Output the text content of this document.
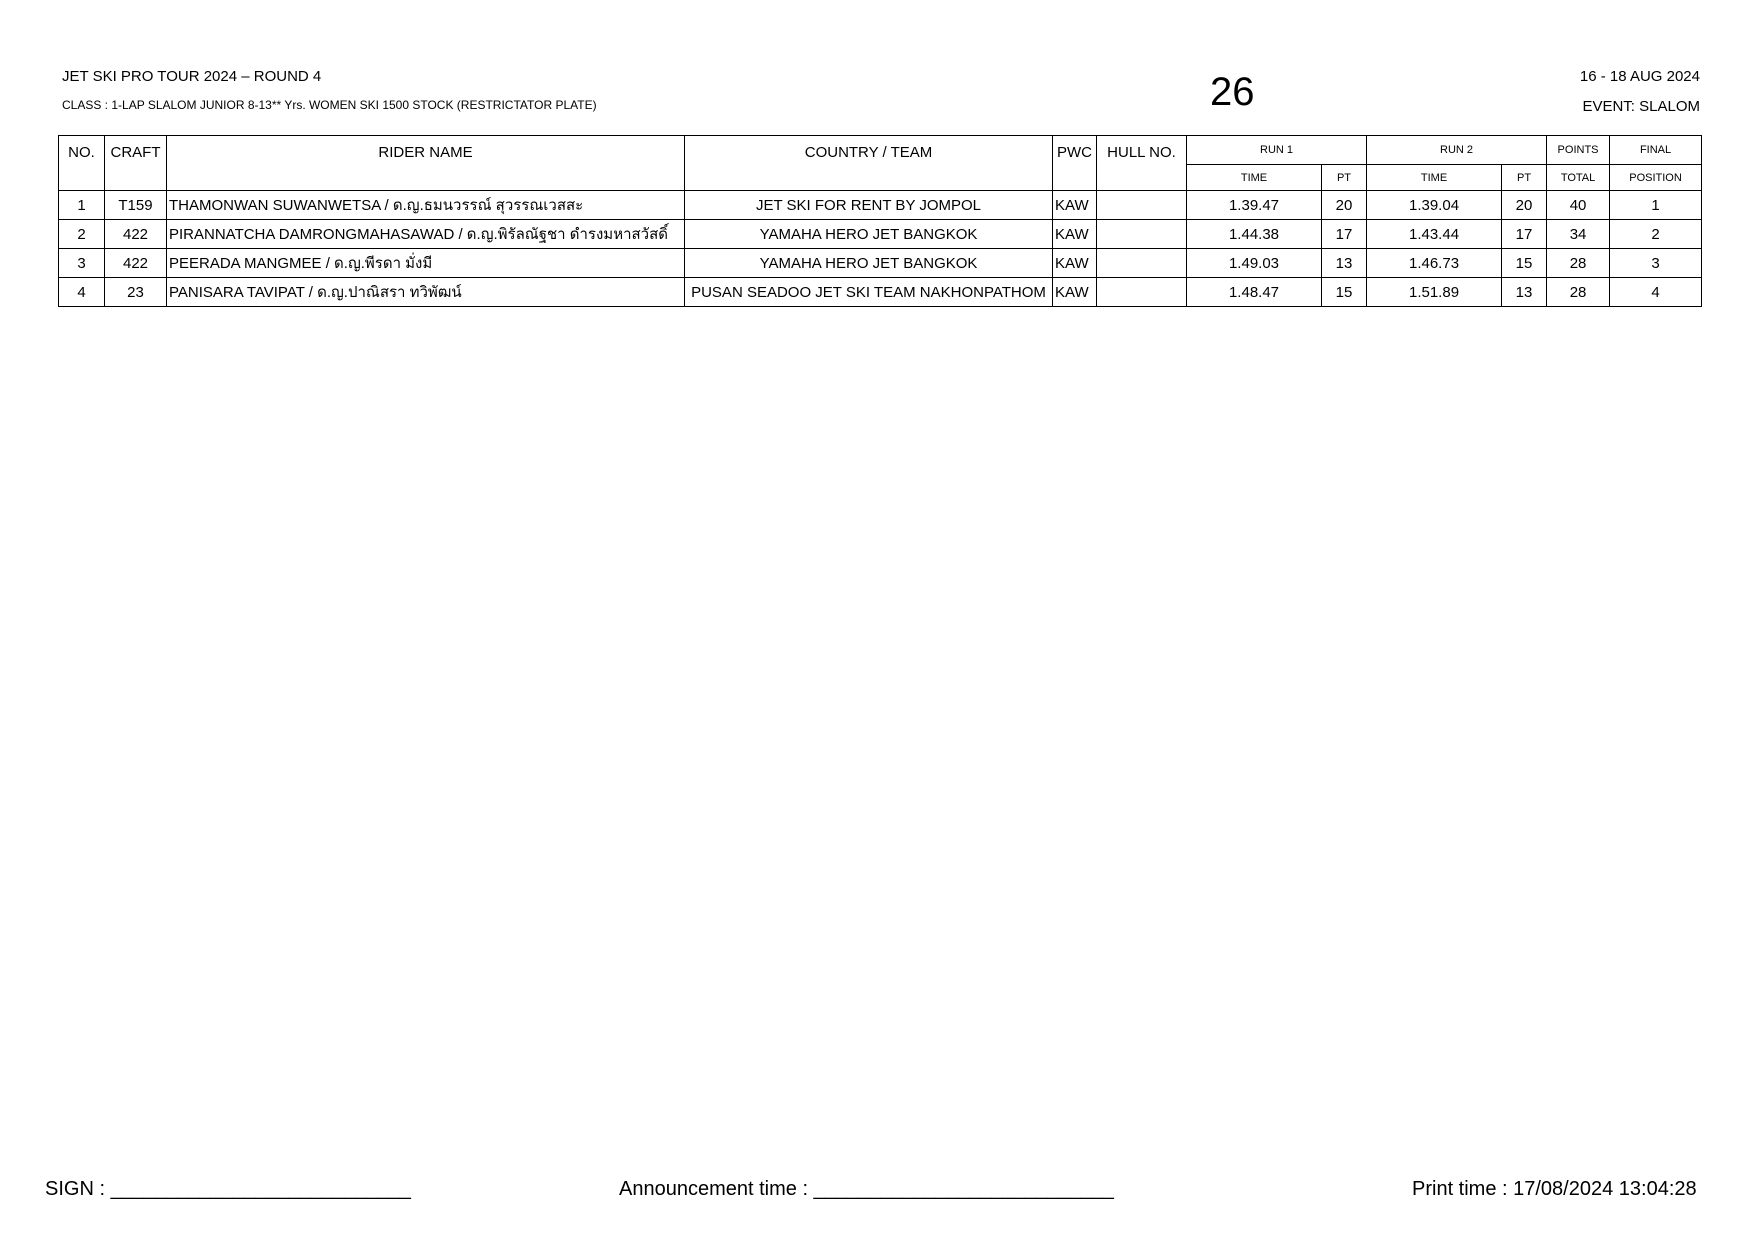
JET SKI PRO TOUR 2024 – ROUND 4
CLASS : 1-LAP SLALOM JUNIOR 8-13** Yrs. WOMEN SKI 1500 STOCK (RESTRICTATOR PLATE)	26	16 - 18 AUG 2024
EVENT: SLALOM
NO.	CRAFT	RIDER NAME	COUNTRY / TEAM	PWC	HULL NO.	RUN 1		RUN 2		POINTS	FINAL
						TIME	PT	TIME	PT	TOTAL	POSITION
1	T159	THAMONWAN SUWANWETSA / ด.ญ.ธมนวรรณ์ สุวรรณเวสสะ	JET SKI FOR RENT BY JOMPOL	KAW		1.39.47	20	1.39.04	20	40	1
2	422	PIRANNATCHA DAMRONGMAHASAWAD / ด.ญ.พิรัลณัฐชา ดำรงมหาสวัสดิ์	YAMAHA HERO JET BANGKOK	KAW		1.44.38	17	1.43.44	17	34	2
3	422	PEERADA MANGMEE / ด.ญ.พีรดา มั่งมี	YAMAHA HERO JET BANGKOK	KAW		1.49.03	13	1.46.73	15	28	3
4	23	PANISARA TAVIPAT / ด.ญ.ปาณิสรา ทวิพัฒน์	PUSAN SEADOO JET SKI TEAM NAKHONPATHOM	KAW		1.48.47	15	1.51.89	13	28	4
SIGN : ___________________________	Announcement time : ___________________________	Print time : 17/08/2024 13:04:28
